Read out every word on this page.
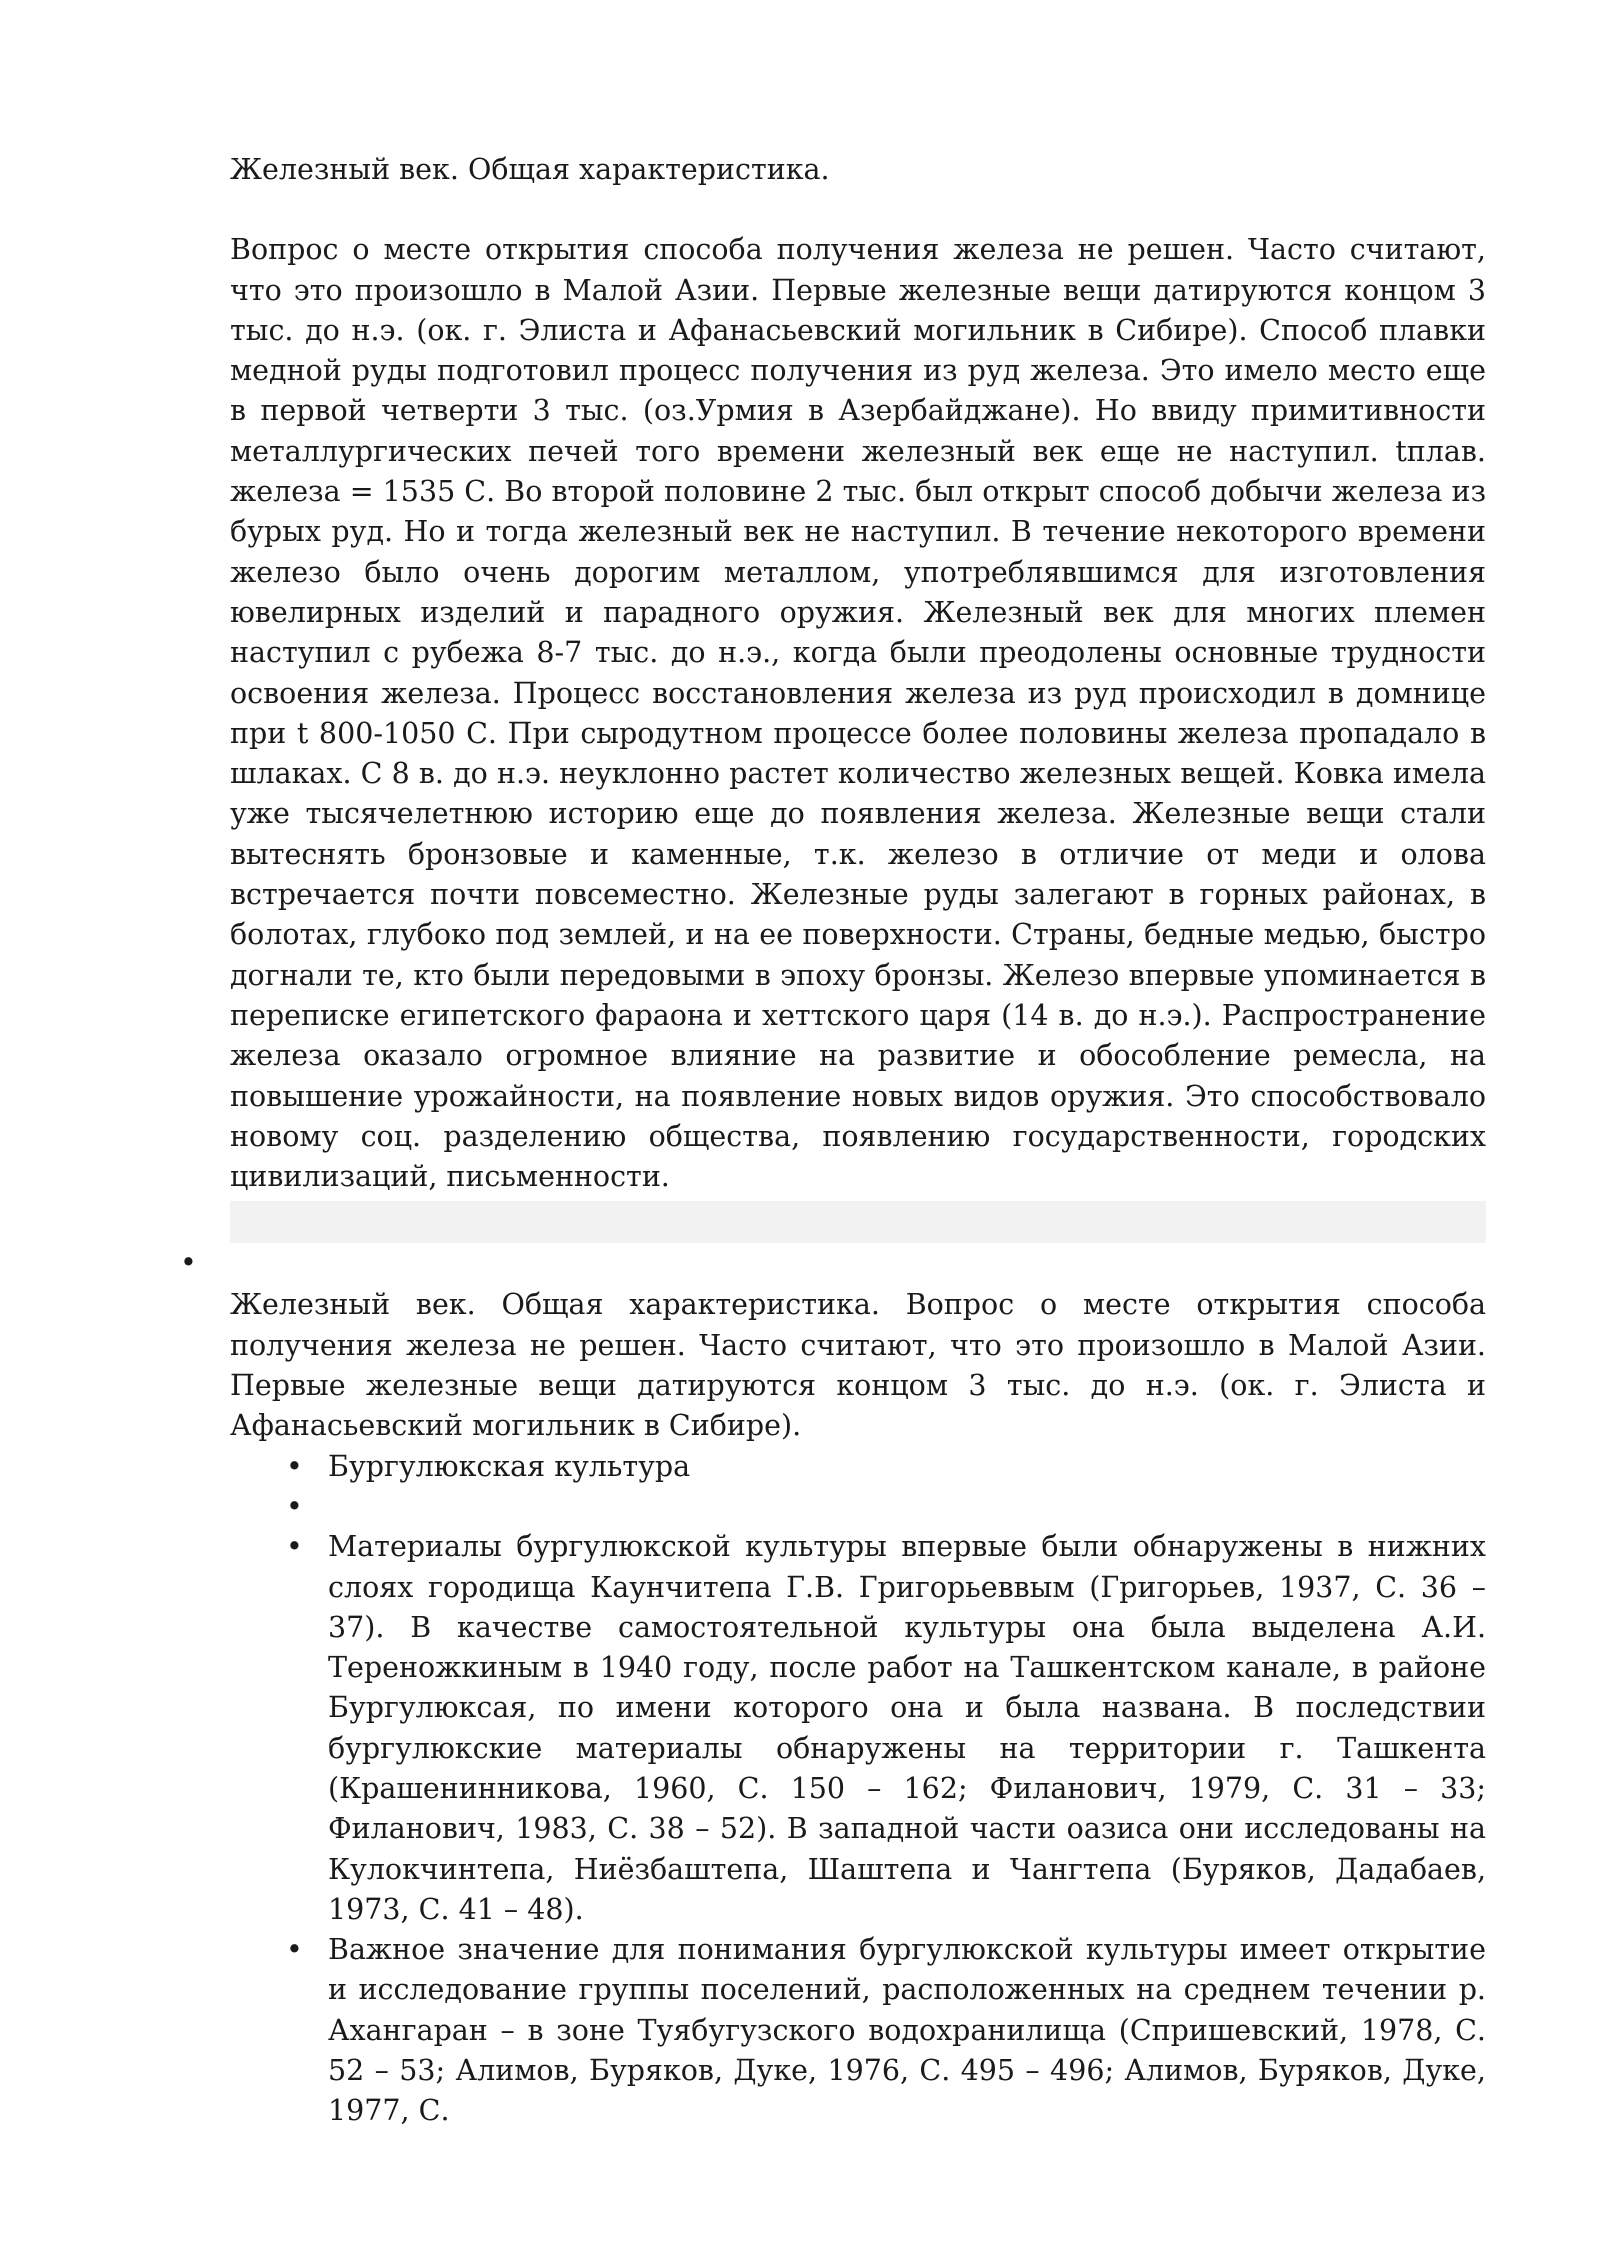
Железный век. Общая характеристика.

Вопрос о месте открытия способа получения железа не решен. Часто считают, что это произошло в Малой Азии. Первые железные вещи датируются концом 3 тыс. до н.э. (ок. г. Элиста и Афанасьевский могильник в Сибире). Способ плавки медной руды подготовил процесс получения из руд железа. Это имело место еще в первой четверти 3 тыс. (оз.Урмия в Азербайджане). Но ввиду примитивности металлургических печей того времени железный век еще не наступил. tплав. железа = 1535 С. Во второй половине 2 тыс. был открыт способ добычи железа из бурых руд. Но и тогда железный век не наступил. В течение некоторого времени железо было очень дорогим металлом, употреблявшимся для изготовления ювелирных изделий и парадного оружия. Железный век для многих племен наступил с рубежа 8-7 тыс. до н.э., когда были преодолены основные трудности освоения железа. Процесс восстановления железа из руд происходил в домнице при t 800-1050 С. При сыродутном процессе более половины железа пропадало в шлаках. С 8 в. до н.э. неуклонно растет количество железных вещей. Ковка имела уже тысячелетнюю историю еще до появления железа. Железные вещи стали вытеснять бронзовые и каменные, т.к. железо в отличие от меди и олова встречается почти повсеместно. Железные руды залегают в горных районах, в болотах, глубоко под землей, и на ее поверхности. Страны, бедные медью, быстро догнали те, кто были передовыми в эпоху бронзы. Железо впервые упоминается в переписке египетского фараона и хеттского царя (14 в. до н.э.). Распространение железа оказало огромное влияние на развитие и обособление ремесла, на повышение урожайности, на появление новых видов оружия. Это способствовало новому соц. разделению общества, появлению государственности, городских цивилизаций, письменности.

•

Железный век. Общая характеристика. Вопрос о месте открытия способа получения железа не решен. Часто считают, что это произошло в Малой Азии. Первые железные вещи датируются концом 3 тыс. до н.э. (ок. г. Элиста и Афанасьевский могильник в Сибире).

• Бургулюкская культура
•
• Материалы бургулюкской культуры впервые были обнаружены в нижних слоях городища Каунчитепа Г.В. Григорьеввым (Григорьев, 1937, С. 36 – 37). В качестве самостоятельной культуры она была выделена А.И. Тереножкиным в 1940 году, после работ на Ташкентском канале, в районе Бургулюксая, по имени которого она и была названа. В последствии бургулюкские материалы обнаружены на территории г. Ташкента (Крашенинникова, 1960, С. 150 – 162; Филанович, 1979, С. 31 – 33; Филанович, 1983, С. 38 – 52). В западной части оазиса они исследованы на Кулокчинтепа, Ниёзбаштепа, Шаштепа и Чангтепа (Буряков, Дадабаев, 1973, С. 41 – 48).
• Важное значение для понимания бургулюкской культуры имеет открытие и исследование группы поселений, расположенных на среднем течении р. Ахангаран – в зоне Туябугузского водохранилища (Спришевский, 1978, С. 52 – 53; Алимов, Буряков, Дуке, 1976, С. 495 – 496; Алимов, Буряков, Дуке, 1977, С.
